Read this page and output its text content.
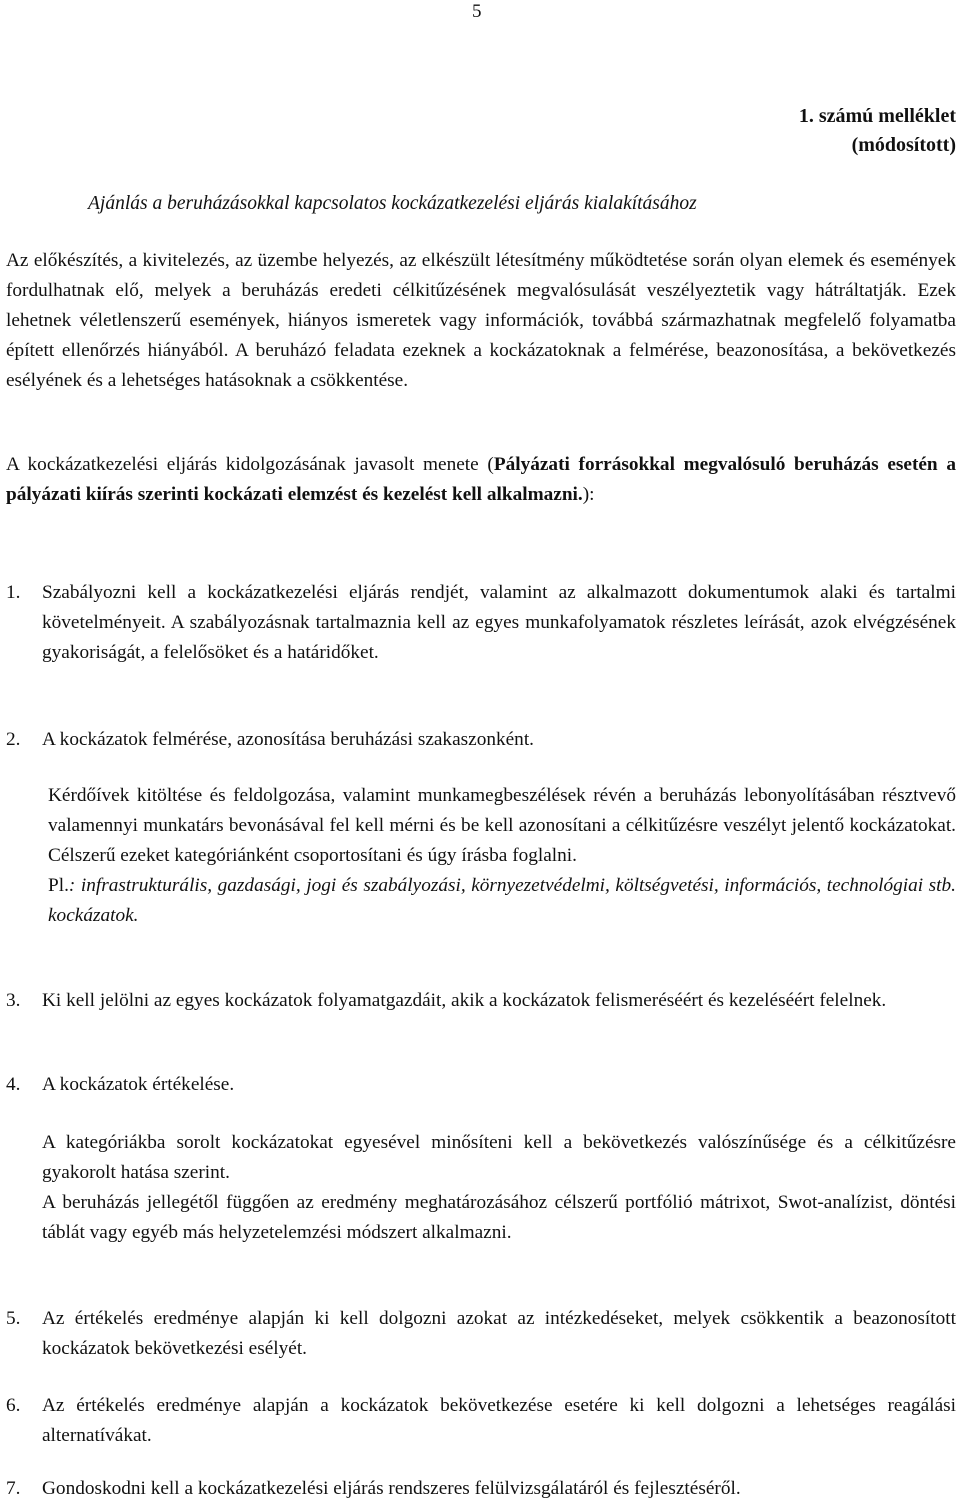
5
1. számú melléklet
(módosított)
Ajánlás a beruházásokkal kapcsolatos kockázatkezelési eljárás kialakításához
Az előkészítés, a kivitelezés, az üzembe helyezés, az elkészült létesítmény működtetése során olyan elemek és események fordulhatnak elő, melyek a beruházás eredeti célkitűzésének megvalósulását veszélyeztetik vagy hátráltatják. Ezek lehetnek véletlenszerű események, hiányos ismeretek vagy információk, továbbá származhatnak megfelelő folyamatba épített ellenőrzés hiányából. A beruházó feladata ezeknek a kockázatoknak a felmérése, beazonosítása, a bekövetkezés esélyének és a lehetséges hatásoknak a csökkentése.
A kockázatkezelési eljárás kidolgozásának javasolt menete (Pályázati forrásokkal megvalósuló beruházás esetén a pályázati kiírás szerinti kockázati elemzést és kezelést kell alkalmazni.):
1. Szabályozni kell a kockázatkezelési eljárás rendjét, valamint az alkalmazott dokumentumok alaki és tartalmi követelményeit. A szabályozásnak tartalmaznia kell az egyes munkafolyamatok részletes leírását, azok elvégzésének gyakoriságát, a felelősöket és a határidőket.
2. A kockázatok felmérése, azonosítása beruházási szakaszonként.
Kérdőívek kitöltése és feldolgozása, valamint munkamegbeszélések révén a beruházás lebonyolításában résztvevő valamennyi munkatárs bevonásával fel kell mérni és be kell azonosítani a célkitűzésre veszélyt jelentő kockázatokat. Célszerű ezeket kategóriánként csoportosítani és úgy írásba foglalni.
Pl.: infrastrukturális, gazdasági, jogi és szabályozási, környezetvédelmi, költségvetési, információs, technológiai stb. kockázatok.
3. Ki kell jelölni az egyes kockázatok folyamatgazdáit, akik a kockázatok felismeréséért és kezeléséért felelnek.
4. A kockázatok értékelése.
A kategóriákba sorolt kockázatokat egyesével minősíteni kell a bekövetkezés valószínűsége és a célkitűzésre gyakorolt hatása szerint.
A beruházás jellegétől függően az eredmény meghatározásához célszerű portfólió mátrixot, Swot-analízist, döntési táblát vagy egyéb más helyzetelemzési módszert alkalmazni.
5. Az értékelés eredménye alapján ki kell dolgozni azokat az intézkedéseket, melyek csökkentik a beazonosított kockázatok bekövetkezési esélyét.
6. Az értékelés eredménye alapján a kockázatok bekövetkezése esetére ki kell dolgozni a lehetséges reagálási alternatívákat.
7. Gondoskodni kell a kockázatkezelési eljárás rendszeres felülvizsgálatáról és fejlesztéséről.
